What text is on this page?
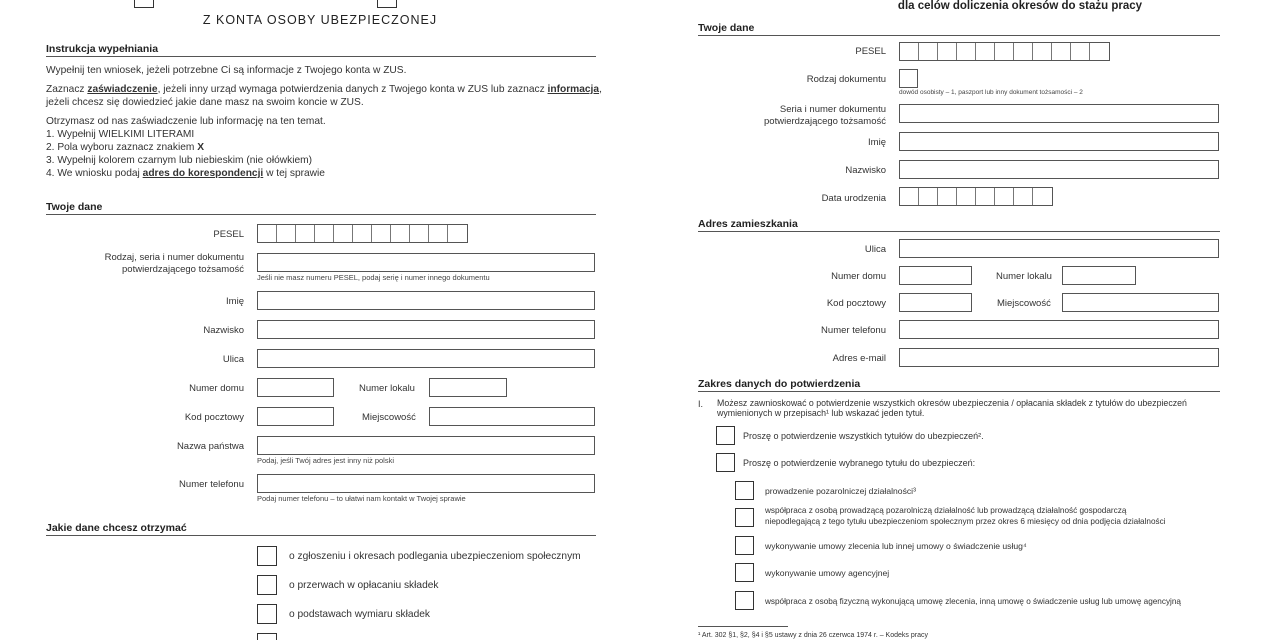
Z KONTA OSOBY UBEZPIECZONEJ
Instrukcja wypełniania
Wypełnij ten wniosek, jeżeli potrzebne Ci są informacje z Twojego konta w ZUS.
Zaznacz zaświadczenie, jeżeli inny urząd wymaga potwierdzenia danych z Twojego konta w ZUS lub zaznacz informacja,
jeżeli chcesz się dowiedzieć jakie dane masz na swoim koncie w ZUS.
Otrzymasz od nas zaświadczenie lub informację na ten temat.
1. Wypełnij WIELKIMI LITERAMI
2. Pola wyboru zaznacz znakiem X
3. Wypełnij kolorem czarnym lub niebieskim (nie ołówkiem)
4. We wniosku podaj adres do korespondencji w tej sprawie
Twoje dane
PESEL
Rodzaj, seria i numer dokumentu
potwierdzającego tożsamość
Jeśli nie masz numeru PESEL, podaj serię i numer innego dokumentu
Imię
Nazwisko
Ulica
Numer domu	Numer lokalu
Kod pocztowy	Miejscowość
Nazwa państwa
Podaj, jeśli Twój adres jest inny niż polski
Numer telefonu
Podaj numer telefonu – to ułatwi nam kontakt w Twojej sprawie
Jakie dane chcesz otrzymać
o zgłoszeniu i okresach podlegania ubezpieczeniom społecznym
o przerwach w opłacaniu składek
o podstawach wymiaru składek
dla celów doliczenia okresów do stażu pracy
Twoje dane
PESEL
Rodzaj dokumentu
dowód osobisty – 1, paszport lub inny dokument tożsamości – 2
Seria i numer dokumentu
potwierdzającego tożsamość
Imię
Nazwisko
Data urodzenia
Adres zamieszkania
Ulica
Numer domu	Numer lokalu
Kod pocztowy	Miejscowość
Numer telefonu
Adres e-mail
Zakres danych do potwierdzenia
I. Możesz zawnioskować o potwierdzenie wszystkich okresów ubezpieczenia / opłacania składek z tytułów do ubezpieczeń
wymienionych w przepisach¹ lub wskazać jeden tytuł.
Proszę o potwierdzenie wszystkich tytułów do ubezpieczeń².
Proszę o potwierdzenie wybranego tytułu do ubezpieczeń:
prowadzenie pozarolniczej działalności³
współpraca z osobą prowadzącą pozarolniczą działalność lub prowadzącą działalność gospodarczą
niepodlegającą z tego tytułu ubezpieczeniom społecznym przez okres 6 miesięcy od dnia podjęcia działalności
wykonywanie umowy zlecenia lub innej umowy o świadczenie usług⁴
wykonywanie umowy agencyjnej
współpraca z osobą fizyczną wykonującą umowę zlecenia, inną umowę o świadczenie usług lub umowę agencyjną
¹ Art. 302 §1, §2, §4 i §5 ustawy z dnia 26 czerwca 1974 r. – Kodeks pracy
